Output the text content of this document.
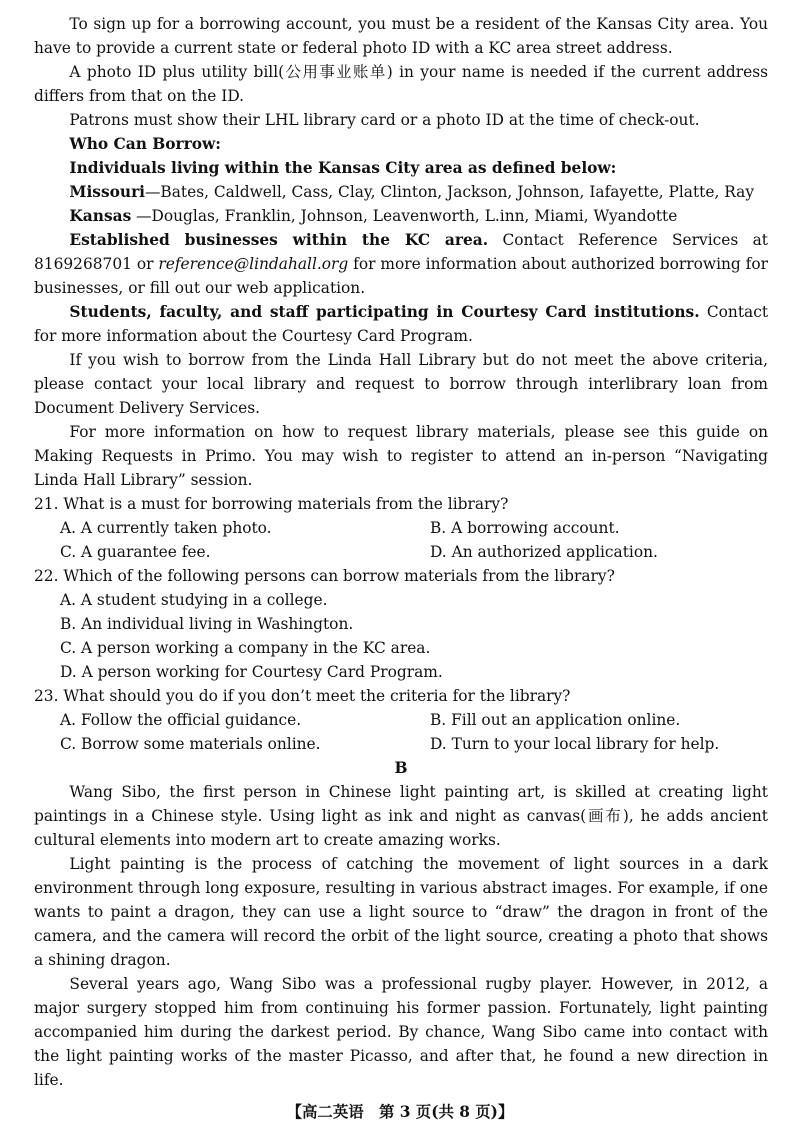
To sign up for a borrowing account, you must be a resident of the Kansas City area. You have to provide a current state or federal photo ID with a KC area street address.

A photo ID plus utility bill(公用事业账单) in your name is needed if the current address differs from that on the ID.

Patrons must show their LHL library card or a photo ID at the time of check-out.

Who Can Borrow:

Individuals living within the Kansas City area as defined below:

Missouri—Bates, Caldwell, Cass, Clay, Clinton, Jackson, Johnson, Iafayette, Platte, Ray

Kansas —Douglas, Franklin, Johnson, Leavenworth, L.inn, Miami, Wyandotte

Established businesses within the KC area. Contact Reference Services at 8169268701 or reference@lindahall.org for more information about authorized borrowing for businesses, or fill out our web application.

Students, faculty, and staff participating in Courtesy Card institutions. Contact for more information about the Courtesy Card Program.

If you wish to borrow from the Linda Hall Library but do not meet the above criteria, please contact your local library and request to borrow through interlibrary loan from Document Delivery Services.

For more information on how to request library materials, please see this guide on Making Requests in Primo. You may wish to register to attend an in-person “Navigating Linda Hall Library” session.

21. What is a must for borrowing materials from the library?

A. A currently taken photo.	B. A borrowing account.
C. A guarantee fee.	D. An authorized application.

22. Which of the following persons can borrow materials from the library?

A. A student studying in a college.

B. An individual living in Washington.

C. A person working a company in the KC area.

D. A person working for Courtesy Card Program.

23. What should you do if you don’t meet the criteria for the library?

A. Follow the official guidance.	B. Fill out an application online.
C. Borrow some materials online.	D. Turn to your local library for help.

B

Wang Sibo, the first person in Chinese light painting art, is skilled at creating light paintings in a Chinese style. Using light as ink and night as canvas(画布), he adds ancient cultural elements into modern art to create amazing works.

Light painting is the process of catching the movement of light sources in a dark environment through long exposure, resulting in various abstract images. For example, if one wants to paint a dragon, they can use a light source to “draw” the dragon in front of the camera, and the camera will record the orbit of the light source, creating a photo that shows a shining dragon.

Several years ago, Wang Sibo was a professional rugby player. However, in 2012, a major surgery stopped him from continuing his former passion. Fortunately, light painting accompanied him during the darkest period. By chance, Wang Sibo came into contact with the light painting works of the master Picasso, and after that, he found a new direction in life.

【高二英语　第 3 页(共 8 页)】
